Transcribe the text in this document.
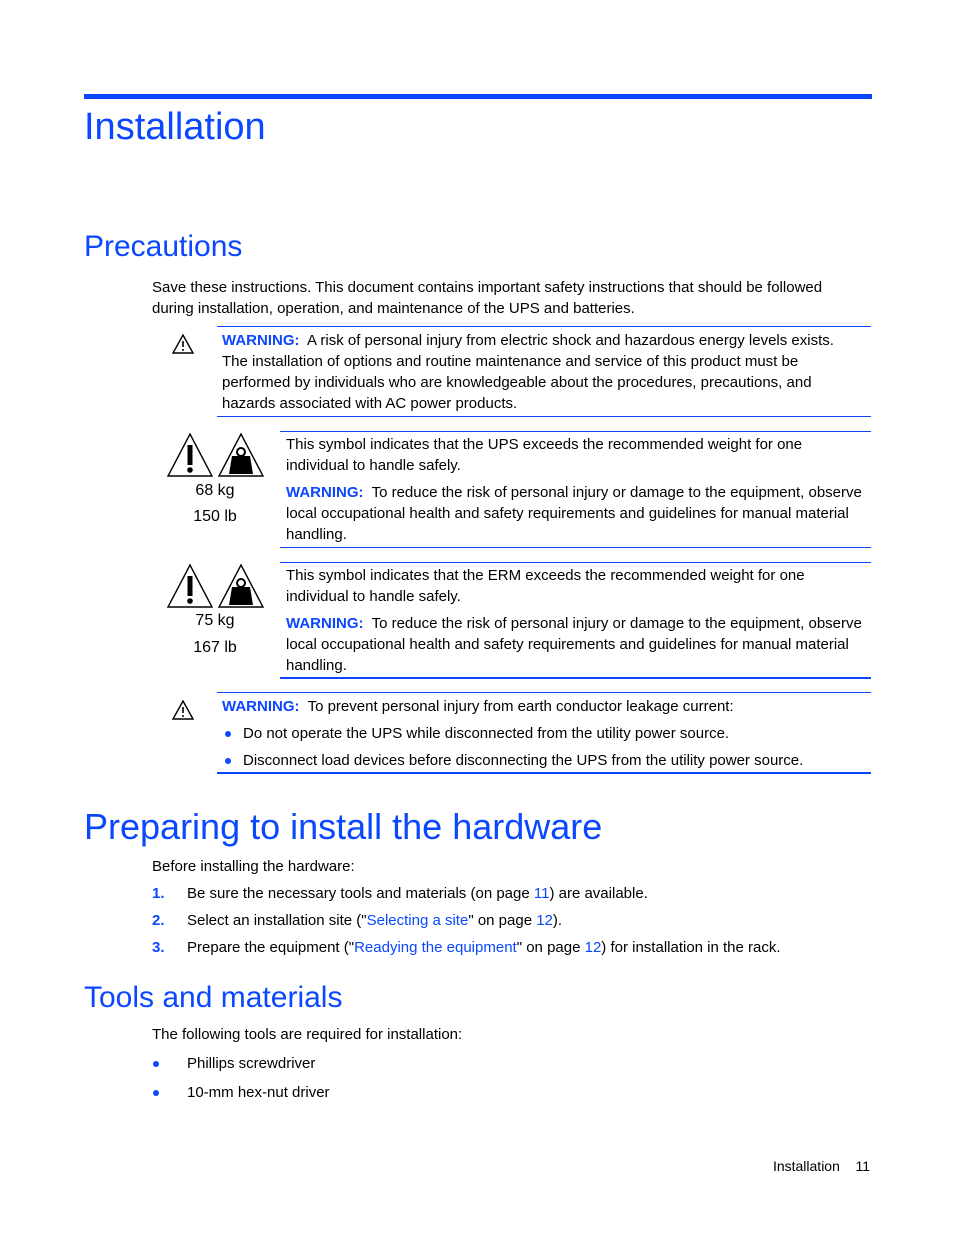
Installation
Precautions

Save these instructions. This document contains important safety instructions that should be followed during installation, operation, and maintenance of the UPS and batteries.

WARNING: A risk of personal injury from electric shock and hazardous energy levels exists. The installation of options and routine maintenance and service of this product must be performed by individuals who are knowledgeable about the procedures, precautions, and hazards associated with AC power products.
68 kg
150 lb

This symbol indicates that the UPS exceeds the recommended weight for one individual to handle safely.

WARNING: To reduce the risk of personal injury or damage to the equipment, observe local occupational health and safety requirements and guidelines for manual material handling.
75 kg
167 lb

This symbol indicates that the ERM exceeds the recommended weight for one individual to handle safely.

WARNING: To reduce the risk of personal injury or damage to the equipment, observe local occupational health and safety requirements and guidelines for manual material handling.
WARNING: To prevent personal injury from earth conductor leakage current:
Do not operate the UPS while disconnected from the utility power source.
Disconnect load devices before disconnecting the UPS from the utility power source.
Preparing to install the hardware
Before installing the hardware:
1. Be sure the necessary tools and materials (on page 11) are available.
2. Select an installation site ("Selecting a site" on page 12).
3. Prepare the equipment ("Readying the equipment" on page 12) for installation in the rack.
Tools and materials
The following tools are required for installation:
Phillips screwdriver
10-mm hex-nut driver
Installation 11
